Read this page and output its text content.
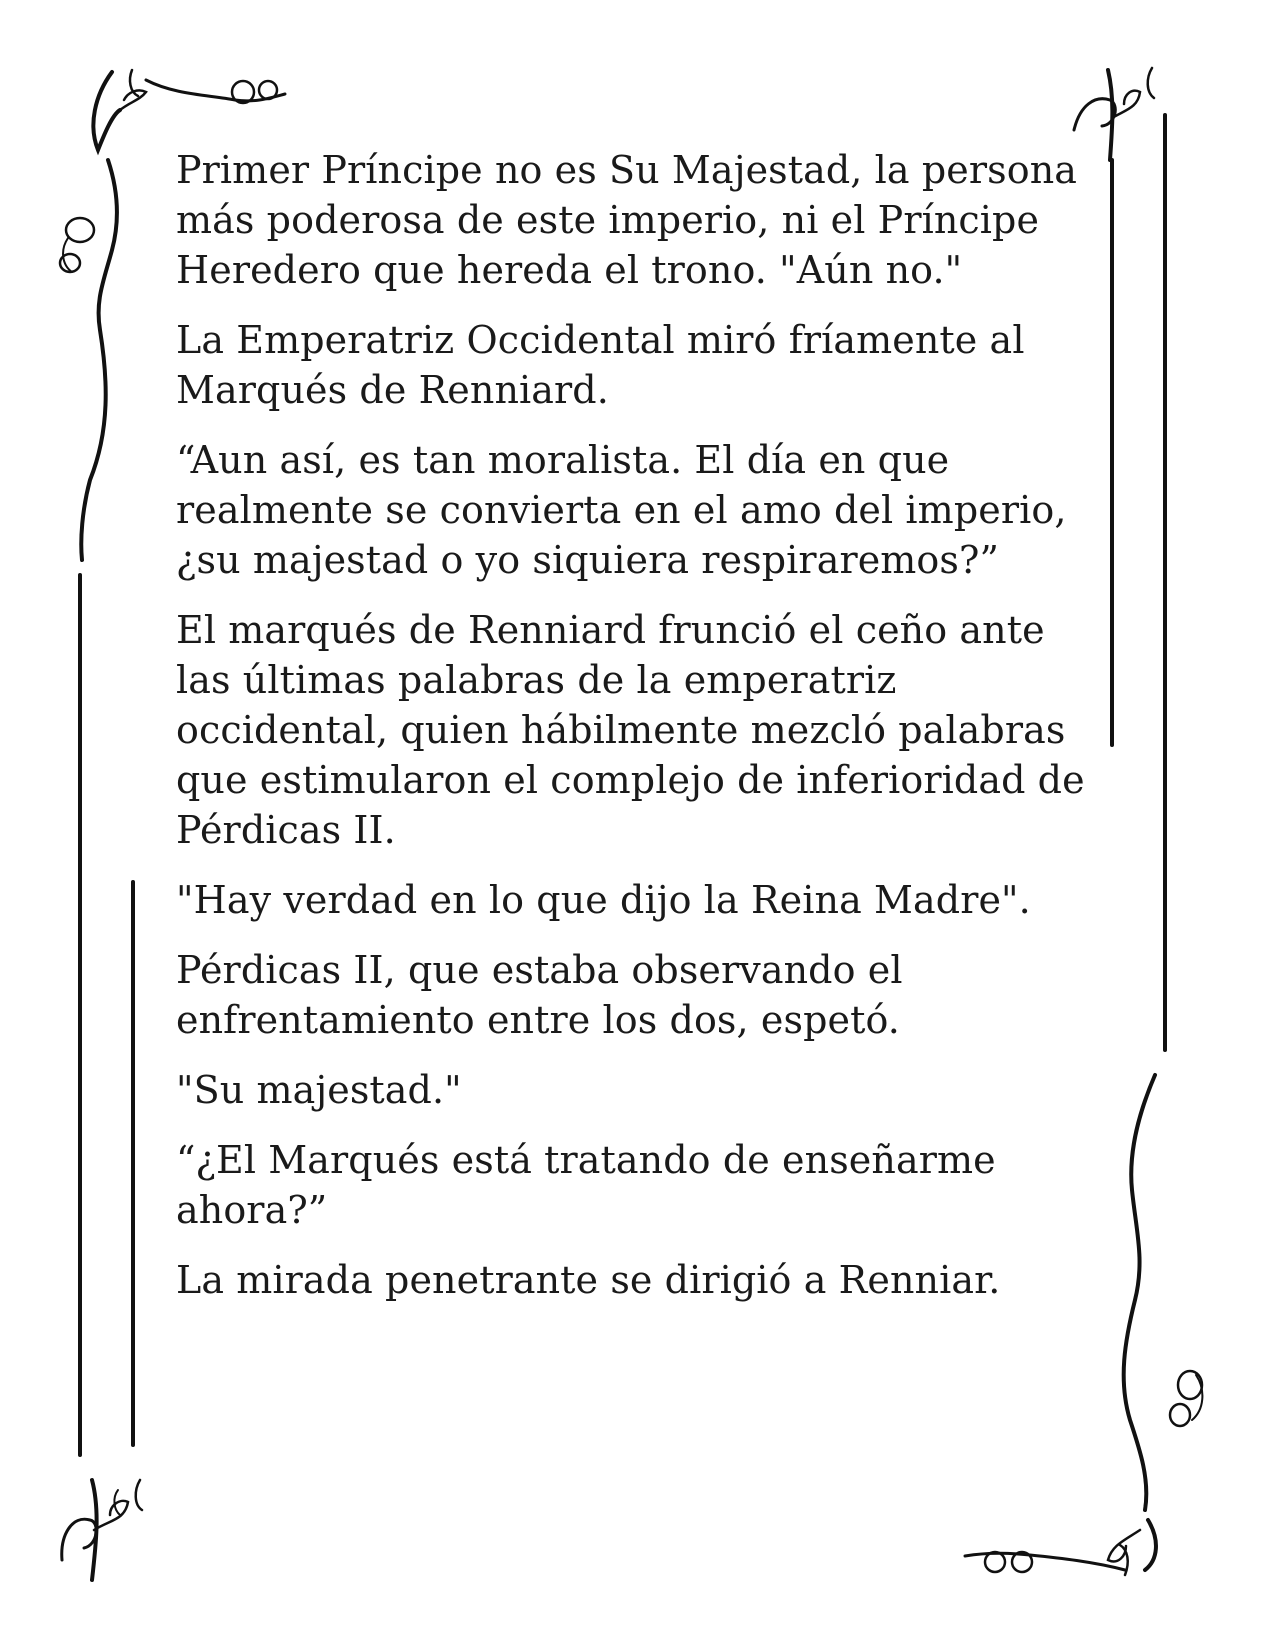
Primer Príncipe no es Su Majestad, la persona
más poderosa de este imperio, ni el Príncipe
Heredero que hereda el trono. "Aún no."

La Emperatriz Occidental miró fríamente al
Marqués de Renniard.

“Aun así, es tan moralista. El día en que
realmente se convierta en el amo del imperio,
¿su majestad o yo siquiera respiraremos?”

El marqués de Renniard frunció el ceño ante
las últimas palabras de la emperatriz
occidental, quien hábilmente mezcló palabras
que estimularon el complejo de inferioridad de
Pérdicas II.

"Hay verdad en lo que dijo la Reina Madre".

Pérdicas II, que estaba observando el
enfrentamiento entre los dos, espetó.

"Su majestad."

“¿El Marqués está tratando de enseñarme
ahora?”

La mirada penetrante se dirigió a Renniar.
